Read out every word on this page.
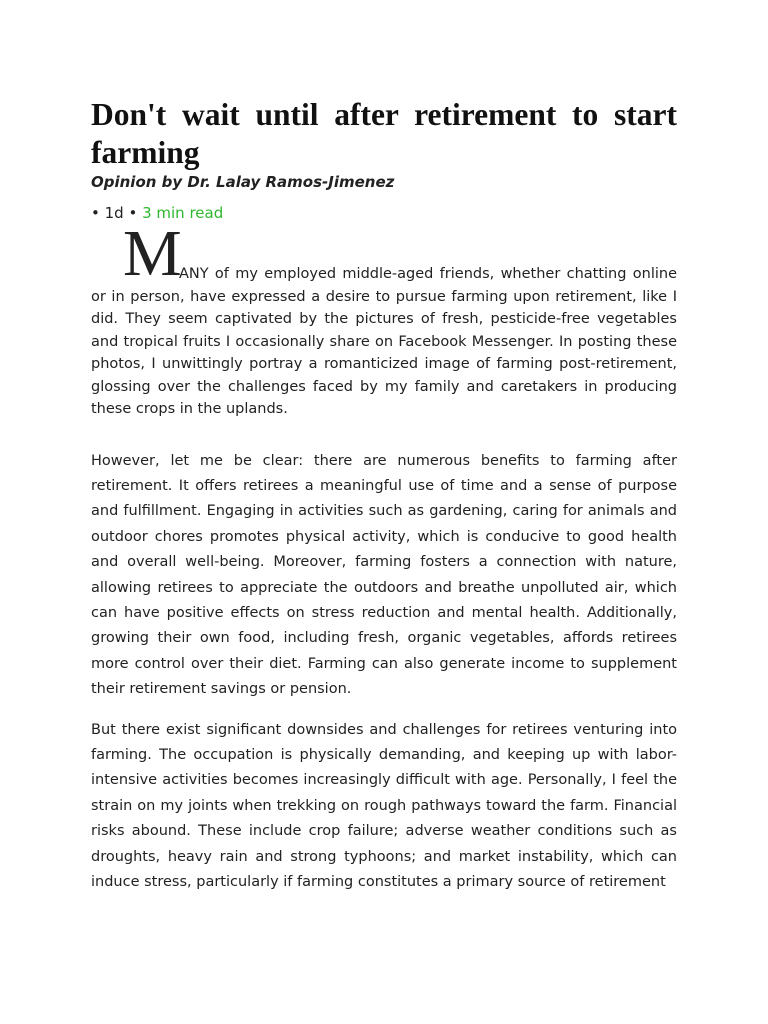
Don't wait until after retirement to start farming

Opinion by Dr. Lalay Ramos-Jimenez

• 1d • 3 min read

M
ANY of my employed middle-aged friends, whether chatting online or in person, have expressed a desire to pursue farming upon retirement, like I did. They seem captivated by the pictures of fresh, pesticide-free vegetables and tropical fruits I occasionally share on Facebook Messenger. In posting these photos, I unwittingly portray a romanticized image of farming post-retirement, glossing over the challenges faced by my family and caretakers in producing these crops in the uplands.

However, let me be clear: there are numerous benefits to farming after retirement. It offers retirees a meaningful use of time and a sense of purpose and fulfillment. Engaging in activities such as gardening, caring for animals and outdoor chores promotes physical activity, which is conducive to good health and overall well-being. Moreover, farming fosters a connection with nature, allowing retirees to appreciate the outdoors and breathe unpolluted air, which can have positive effects on stress reduction and mental health. Additionally, growing their own food, including fresh, organic vegetables, affords retirees more control over their diet. Farming can also generate income to supplement their retirement savings or pension.

But there exist significant downsides and challenges for retirees venturing into farming. The occupation is physically demanding, and keeping up with labor-intensive activities becomes increasingly difficult with age. Personally, I feel the strain on my joints when trekking on rough pathways toward the farm. Financial risks abound. These include crop failure; adverse weather conditions such as droughts, heavy rain and strong typhoons; and market instability, which can induce stress, particularly if farming constitutes a primary source of retirement
